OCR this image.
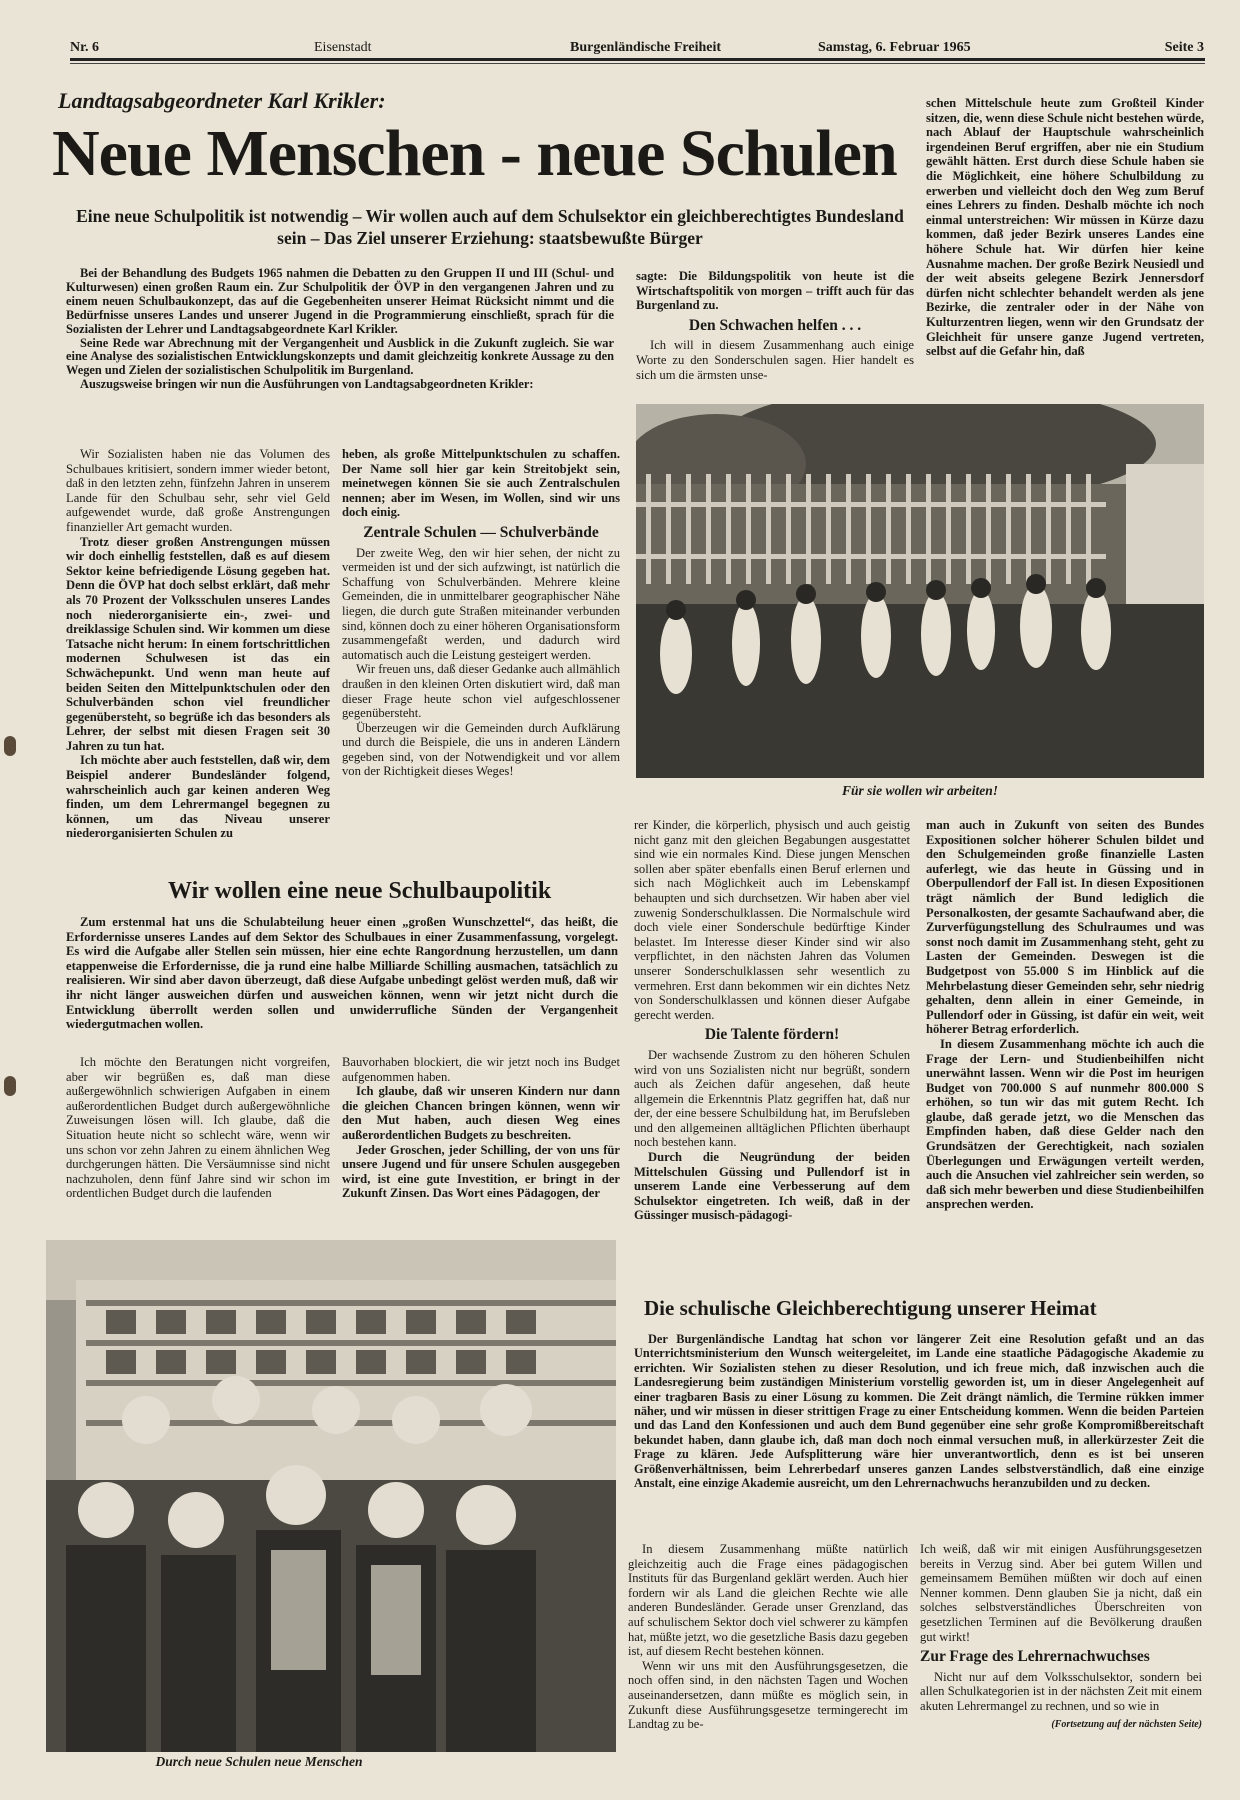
Nr. 6	Eisenstadt	Burgenländische Freiheit	Samstag, 6. Februar 1965	Seite 3
Landtagsabgeordneter Karl Krikler:
Neue Menschen - neue Schulen
Eine neue Schulpolitik ist notwendig – Wir wollen auch auf dem Schulsektor ein gleichberechtigtes Bundesland sein – Das Ziel unserer Erziehung: staatsbewußte Bürger

Bei der Behandlung des Budgets 1965 nahmen die Debatten zu den Gruppen II und III (Schul- und Kulturwesen) einen großen Raum ein. Zur Schulpolitik der ÖVP in den vergangenen Jahren und zu einem neuen Schulbaukonzept, das auf die Gegebenheiten unserer Heimat Rücksicht nimmt und die Bedürfnisse unseres Landes und unserer Jugend in die Programmierung einschließt, sprach für die Sozialisten der Lehrer und Landtagsabgeordnete Karl Krikler.

Seine Rede war Abrechnung mit der Vergangenheit und Ausblick in die Zukunft zugleich. Sie war eine Analyse des sozialistischen Entwicklungskonzepts und damit gleichzeitig konkrete Aussage zu den Wegen und Zielen der sozialistischen Schulpolitik im Burgenland.

Auszugsweise bringen wir nun die Ausführungen von Landtagsabgeordneten Krikler:

sagte: Die Bildungspolitik von heute ist die Wirtschaftspolitik von morgen – trifft auch für das Burgenland zu.

Den Schwachen helfen . . .

Ich will in diesem Zusammenhang auch einige Worte zu den Sonderschulen sagen. Hier handelt es sich um die ärmsten unse-

schen Mittelschule heute zum Großteil Kinder sitzen, die, wenn diese Schule nicht bestehen würde, nach Ablauf der Hauptschule wahrscheinlich irgendeinen Beruf ergriffen, aber nie ein Studium gewählt hätten. Erst durch diese Schule haben sie die Möglichkeit, eine höhere Schulbildung zu erwerben und vielleicht doch den Weg zum Beruf eines Lehrers zu finden. Deshalb möchte ich noch einmal unterstreichen: Wir müssen in Kürze dazu kommen, daß jeder Bezirk unseres Landes eine höhere Schule hat. Wir dürfen hier keine Ausnahme machen. Der große Bezirk Neusiedl und der weit abseits gelegene Bezirk Jennersdorf dürfen nicht schlechter behandelt werden als jene Bezirke, die zentraler oder in der Nähe von Kulturzentren liegen, wenn wir den Grundsatz der Gleichheit für unsere ganze Jugend vertreten, selbst auf die Gefahr hin, daß

Wir Sozialisten haben nie das Volumen des Schulbaues kritisiert, sondern immer wieder betont, daß in den letzten zehn, fünfzehn Jahren in unserem Lande für den Schulbau sehr, sehr viel Geld aufgewendet wurde, daß große Anstrengungen finanzieller Art gemacht wurden.

Trotz dieser großen Anstrengungen müssen wir doch einhellig feststellen, daß es auf diesem Sektor keine befriedigende Lösung gegeben hat. Denn die ÖVP hat doch selbst erklärt, daß mehr als 70 Prozent der Volksschulen unseres Landes noch niederorganisierte ein-, zwei- und dreiklassige Schulen sind. Wir kommen um diese Tatsache nicht herum: In einem fortschrittlichen modernen Schulwesen ist das ein Schwächepunkt. Und wenn man heute auf beiden Seiten den Mittelpunktschulen oder den Schulverbänden schon viel freundlicher gegenübersteht, so begrüße ich das besonders als Lehrer, der selbst mit diesen Fragen seit 30 Jahren zu tun hat.

Ich möchte aber auch feststellen, daß wir, dem Beispiel anderer Bundesländer folgend, wahrscheinlich auch gar keinen anderen Weg finden, um dem Lehrermangel begegnen zu können, um das Niveau unserer niederorganisierten Schulen zu

heben, als große Mittelpunktschulen zu schaffen. Der Name soll hier gar kein Streitobjekt sein, meinetwegen können Sie sie auch Zentralschulen nennen; aber im Wesen, im Wollen, sind wir uns doch einig.

Zentrale Schulen — Schulverbände

Der zweite Weg, den wir hier sehen, der nicht zu vermeiden ist und der sich aufzwingt, ist natürlich die Schaffung von Schulverbänden. Mehrere kleine Gemeinden, die in unmittelbarer geographischer Nähe liegen, die durch gute Straßen miteinander verbunden sind, können doch zu einer höheren Organisationsform zusammengefaßt werden, und dadurch wird automatisch auch die Leistung gesteigert werden.

Wir freuen uns, daß dieser Gedanke auch allmählich draußen in den kleinen Orten diskutiert wird, daß man dieser Frage heute schon viel aufgeschlossener gegenübersteht.

Überzeugen wir die Gemeinden durch Aufklärung und durch die Beispiele, die uns in anderen Ländern gegeben sind, von der Notwendigkeit und vor allem von der Richtigkeit dieses Weges!

Für sie wollen wir arbeiten!

rer Kinder, die körperlich, physisch und auch geistig nicht ganz mit den gleichen Begabungen ausgestattet sind wie ein normales Kind. Diese jungen Menschen sollen aber später ebenfalls einen Beruf erlernen und sich nach Möglichkeit auch im Lebenskampf behaupten und sich durchsetzen. Wir haben aber viel zuwenig Sonderschulklassen. Die Normalschule wird doch viele einer Sonderschule bedürftige Kinder belastet. Im Interesse dieser Kinder sind wir also verpflichtet, in den nächsten Jahren das Volumen unserer Sonderschulklassen sehr wesentlich zu vermehren. Erst dann bekommen wir ein dichtes Netz von Sonderschulklassen und können dieser Aufgabe gerecht werden.

Die Talente fördern!

Der wachsende Zustrom zu den höheren Schulen wird von uns Sozialisten nicht nur begrüßt, sondern auch als Zeichen dafür angesehen, daß heute allgemein die Erkenntnis Platz gegriffen hat, daß nur der, der eine bessere Schulbildung hat, im Berufsleben und den allgemeinen alltäglichen Pflichten überhaupt noch bestehen kann.

Durch die Neugründung der beiden Mittelschulen Güssing und Pullendorf ist in unserem Lande eine Verbesserung auf dem Schulsektor eingetreten. Ich weiß, daß in der Güssinger musisch-pädagogi-

man auch in Zukunft von seiten des Bundes Expositionen solcher höherer Schulen bildet und den Schulgemeinden große finanzielle Lasten auferlegt, wie das heute in Güssing und in Oberpullendorf der Fall ist. In diesen Expositionen trägt nämlich der Bund lediglich die Personalkosten, der gesamte Sachaufwand aber, die Zurverfügungstellung des Schulraumes und was sonst noch damit im Zusammenhang steht, geht zu Lasten der Gemeinden. Deswegen ist die Budgetpost von 55.000 S im Hinblick auf die Mehrbelastung dieser Gemeinden sehr, sehr niedrig gehalten, denn allein in einer Gemeinde, in Pullendorf oder in Güssing, ist dafür ein weit, weit höherer Betrag erforderlich.

In diesem Zusammenhang möchte ich auch die Frage der Lern- und Studienbeihilfen nicht unerwähnt lassen. Wenn wir die Post im heurigen Budget von 700.000 S auf nunmehr 800.000 S erhöhen, so tun wir das mit gutem Recht. Ich glaube, daß gerade jetzt, wo die Menschen das Empfinden haben, daß diese Gelder nach den Grundsätzen der Gerechtigkeit, nach sozialen Überlegungen und Erwägungen verteilt werden, auch die Ansuchen viel zahlreicher sein werden, so daß sich mehr bewerben und diese Studienbeihilfen ansprechen werden.

Wir wollen eine neue Schulbaupolitik

Zum erstenmal hat uns die Schulabteilung heuer einen „großen Wunschzettel“, das heißt, die Erfordernisse unseres Landes auf dem Sektor des Schulbaues in einer Zusammenfassung, vorgelegt. Es wird die Aufgabe aller Stellen sein müssen, hier eine echte Rangordnung herzustellen, um dann etappenweise die Erfordernisse, die ja rund eine halbe Milliarde Schilling ausmachen, tatsächlich zu realisieren. Wir sind aber davon überzeugt, daß diese Aufgabe unbedingt gelöst werden muß, daß wir ihr nicht länger ausweichen dürfen und ausweichen können, wenn wir jetzt nicht durch die Entwicklung überrollt werden sollen und unwiderrufliche Sünden der Vergangenheit wiedergutmachen wollen.

Ich möchte den Beratungen nicht vorgreifen, aber wir begrüßen es, daß man diese außergewöhnlich schwierigen Aufgaben in einem außerordentlichen Budget durch außergewöhnliche Zuweisungen lösen will. Ich glaube, daß die Situation heute nicht so schlecht wäre, wenn wir uns schon vor zehn Jahren zu einem ähnlichen Weg durchgerungen hätten. Die Versäumnisse sind nicht nachzuholen, denn fünf Jahre sind wir schon im ordentlichen Budget durch die laufenden

Bauvorhaben blockiert, die wir jetzt noch ins Budget aufgenommen haben.

Ich glaube, daß wir unseren Kindern nur dann die gleichen Chancen bringen können, wenn wir den Mut haben, auch diesen Weg eines außerordentlichen Budgets zu beschreiten.

Jeder Groschen, jeder Schilling, der von uns für unsere Jugend und für unsere Schulen ausgegeben wird, ist eine gute Investition, er bringt in der Zukunft Zinsen. Das Wort eines Pädagogen, der

Durch neue Schulen neue Menschen
Die schulische Gleichberechtigung unserer Heimat

Der Burgenländische Landtag hat schon vor längerer Zeit eine Resolution gefaßt und an das Unterrichtsministerium den Wunsch weitergeleitet, im Lande eine staatliche Pädagogische Akademie zu errichten. Wir Sozialisten stehen zu dieser Resolution, und ich freue mich, daß inzwischen auch die Landesregierung beim zuständigen Ministerium vorstellig geworden ist, um in dieser Angelegenheit auf einer tragbaren Basis zu einer Lösung zu kommen. Die Zeit drängt nämlich, die Termine rükken immer näher, und wir müssen in dieser strittigen Frage zu einer Entscheidung kommen. Wenn die beiden Parteien und das Land den Konfessionen und auch dem Bund gegenüber eine sehr große Kompromißbereitschaft bekundet haben, dann glaube ich, daß man doch noch einmal versuchen muß, in allerkürzester Zeit die Frage zu klären. Jede Aufsplitterung wäre hier unverantwortlich, denn es ist bei unseren Größenverhältnissen, beim Lehrerbedarf unseres ganzen Landes selbstverständlich, daß eine einzige Anstalt, eine einzige Akademie ausreicht, um den Lehrernachwuchs heranzubilden und zu decken.

In diesem Zusammenhang müßte natürlich gleichzeitig auch die Frage eines pädagogischen Instituts für das Burgenland geklärt werden. Auch hier fordern wir als Land die gleichen Rechte wie alle anderen Bundesländer. Gerade unser Grenzland, das auf schulischem Sektor doch viel schwerer zu kämpfen hat, müßte jetzt, wo die gesetzliche Basis dazu gegeben ist, auf diesem Recht bestehen können.

Wenn wir uns mit den Ausführungsgesetzen, die noch offen sind, in den nächsten Tagen und Wochen auseinandersetzen, dann müßte es möglich sein, in Zukunft diese Ausführungsgesetze termingerecht im Landtag zu be-

Ich weiß, daß wir mit einigen Ausführungsgesetzen bereits in Verzug sind. Aber bei gutem Willen und gemeinsamem Bemühen müßten wir doch auf einen Nenner kommen. Denn glauben Sie ja nicht, daß ein solches selbstverständliches Überschreiten von gesetzlichen Terminen auf die Bevölkerung draußen gut wirkt!

Zur Frage des Lehrernachwuchses

Nicht nur auf dem Volksschulsektor, sondern bei allen Schulkategorien ist in der nächsten Zeit mit einem akuten Lehrermangel zu rechnen, und so wie in

(Fortsetzung auf der nächsten Seite)
